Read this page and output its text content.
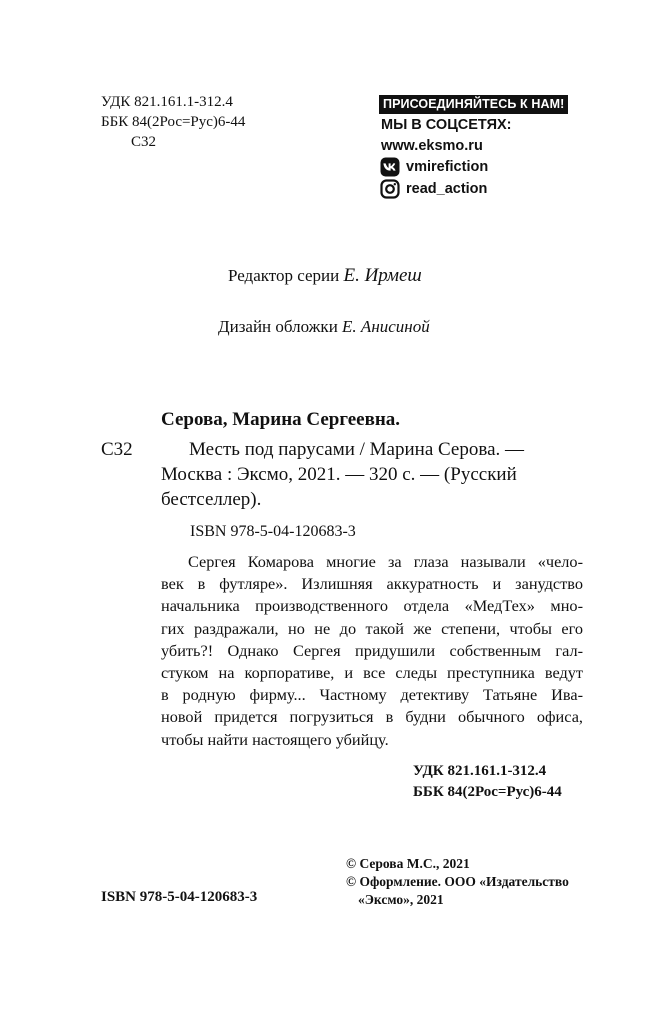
УДК 821.161.1-312.4
ББК 84(2Рос=Рус)6-44
С32
ПРИСОЕДИНЯЙТЕСЬ К НАМ!
МЫ В СОЦСЕТЯХ:
www.eksmo.ru
vmirefiction
read_action
Редактор серии Е. Ирмеш
Дизайн обложки Е. Анисиной
Серова, Марина Сергеевна.
С32	Месть под парусами / Марина Серова. —
Москва : Эксмо, 2021. — 320 с. — (Русский
бестселлер).
ISBN 978-5-04-120683-3
Сергея Комарова многие за глаза называли «чело-
век в футляре». Излишняя аккуратность и занудство
начальника производственного отдела «МедТех» мно-
гих раздражали, но не до такой же степени, чтобы его
убить?! Однако Сергея придушили собственным гал-
стуком на корпоративе, и все следы преступника ведут
в родную фирму... Частному детективу Татьяне Ива-
новой придется погрузиться в будни обычного офиса,
чтобы найти настоящего убийцу.
УДК 821.161.1-312.4
ББК 84(2Рос=Рус)6-44
© Серова М.С., 2021
© Оформление. ООО «Издательство
«Эксмо», 2021
ISBN 978-5-04-120683-3
